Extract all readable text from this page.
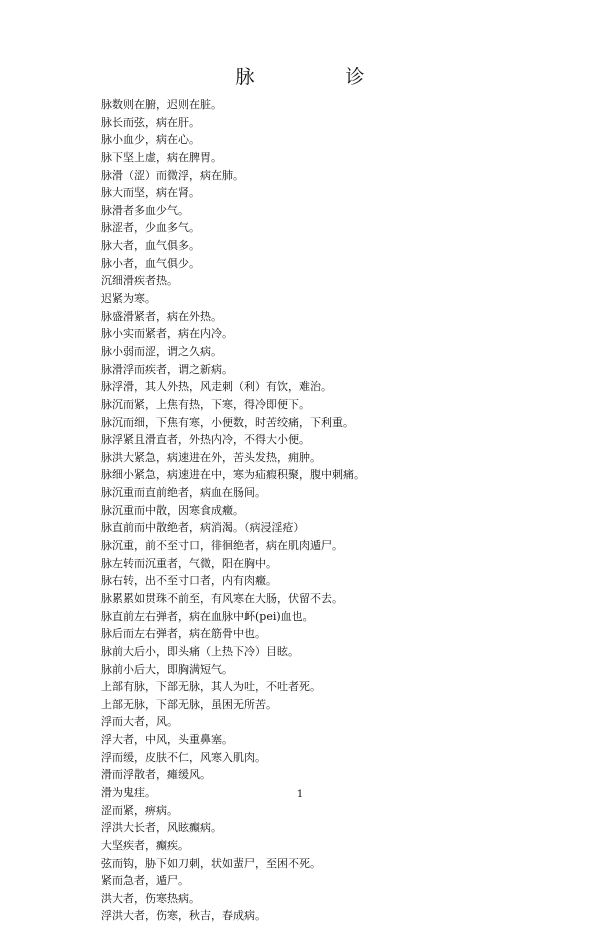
脉　诊
脉数则在腑，迟则在脏。
脉长而弦，病在肝。
脉小血少，病在心。
脉下坚上虚，病在脾胃。
脉滑（涩）而微浮，病在肺。
脉大而坚，病在肾。
脉滑者多血少气。
脉涩者，少血多气。
脉大者，血气俱多。
脉小者，血气俱少。
沉细滑疾者热。
迟紧为寒。
脉盛滑紧者，病在外热。
脉小实而紧者，病在内冷。
脉小弱而涩，谓之久病。
脉滑浮而疾者，谓之新病。
脉浮滑，其人外热，风走刺（利）有饮，难治。
脉沉而紧，上焦有热，下寒，得冷即便下。
脉沉而细，下焦有寒，小便数，时苦绞痛，下利重。
脉浮紧且滑直者，外热内冷，不得大小便。
脉洪大紧急，病速进在外，苦头发热，痈肿。
脉细小紧急，病速进在中，寒为疝瘕积聚，腹中刺痛。
脉沉重而直前绝者，病血在肠间。
脉沉重而中散，因寒食成癥。
脉直前而中散绝者，病消渴。（病浸淫疮）
脉沉重，前不至寸口，徘徊绝者，病在肌肉遁尸。
脉左转而沉重者，气微，阳在胸中。
脉右转，出不至寸口者，内有肉癥。
脉累累如贯珠不前至，有风寒在大肠，伏留不去。
脉直前左右弹者，病在血脉中衃(pei)血也。
脉后而左右弹者，病在筋骨中也。
脉前大后小，即头痛（上热下冷）目眩。
脉前小后大，即胸满短气。
上部有脉，下部无脉，其人为吐，不吐者死。
上部无脉，下部无脉，虽困无所苦。
浮而大者，风。
浮大者，中风，头重鼻塞。
浮而缓，皮肤不仁，风寒入肌肉。
滑而浮散者，瘫缓风。
滑为鬼疰。
涩而紧，痹病。
浮洪大长者，风眩癫病。
大坚疾者，癫疾。
弦而钩，胁下如刀刺，状如蜚尸，至困不死。
紧而急者，遁尸。
洪大者，伤寒热病。
浮洪大者，伤寒，秋吉，春成病。
1
